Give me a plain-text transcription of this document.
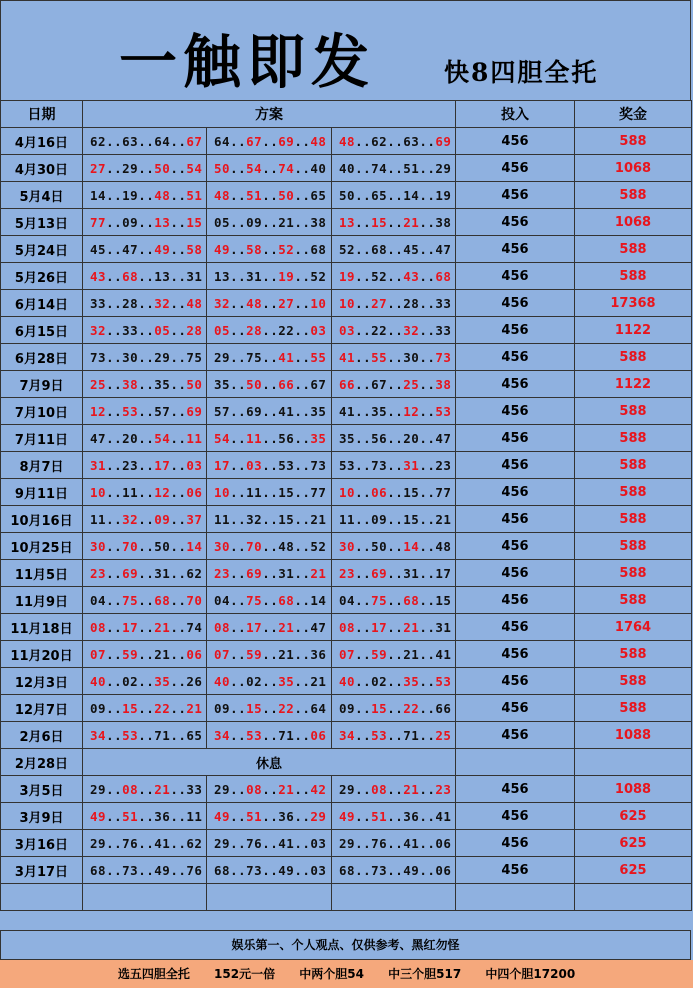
一触即发	快8四胆全托
日期	方案			投入	奖金
4月16日	62..63..64..67	64..67..69..48	48..62..63..69	456	588
4月30日	27..29..50..54	50..54..74..40	40..74..51..29	456	1068
5月4日	14..19..48..51	48..51..50..65	50..65..14..19	456	588
5月13日	77..09..13..15	05..09..21..38	13..15..21..38	456	1068
5月24日	45..47..49..58	49..58..52..68	52..68..45..47	456	588
5月26日	43..68..13..31	13..31..19..52	19..52..43..68	456	588
6月14日	33..28..32..48	32..48..27..10	10..27..28..33	456	17368
6月15日	32..33..05..28	05..28..22..03	03..22..32..33	456	1122
6月28日	73..30..29..75	29..75..41..55	41..55..30..73	456	588
7月9日	25..38..35..50	35..50..66..67	66..67..25..38	456	1122
7月10日	12..53..57..69	57..69..41..35	41..35..12..53	456	588
7月11日	47..20..54..11	54..11..56..35	35..56..20..47	456	588
8月7日	31..23..17..03	17..03..53..73	53..73..31..23	456	588
9月11日	10..11..12..06	10..11..15..77	10..06..15..77	456	588
10月16日	11..32..09..37	11..32..15..21	11..09..15..21	456	588
10月25日	30..70..50..14	30..70..48..52	30..50..14..48	456	588
11月5日	23..69..31..62	23..69..31..21	23..69..31..17	456	588
11月9日	04..75..68..70	04..75..68..14	04..75..68..15	456	588
11月18日	08..17..21..74	08..17..21..47	08..17..21..31	456	1764
11月20日	07..59..21..06	07..59..21..36	07..59..21..41	456	588
12月3日	40..02..35..26	40..02..35..21	40..02..35..53	456	588
12月7日	09..15..22..21	09..15..22..64	09..15..22..66	456	588
2月6日	34..53..71..65	34..53..71..06	34..53..71..25	456	1088
2月28日	休息				
3月5日	29..08..21..33	29..08..21..42	29..08..21..23	456	1088
3月9日	49..51..36..11	49..51..36..29	49..51..36..41	456	625
3月16日	29..76..41..62	29..76..41..03	29..76..41..06	456	625
3月17日	68..73..49..76	68..73..49..03	68..73..49..06	456	625

娱乐第一、个人观点、仅供参考、黑红勿怪
选五四胆全托 152元一倍 中两个胆54 中三个胆517 中四个胆17200
